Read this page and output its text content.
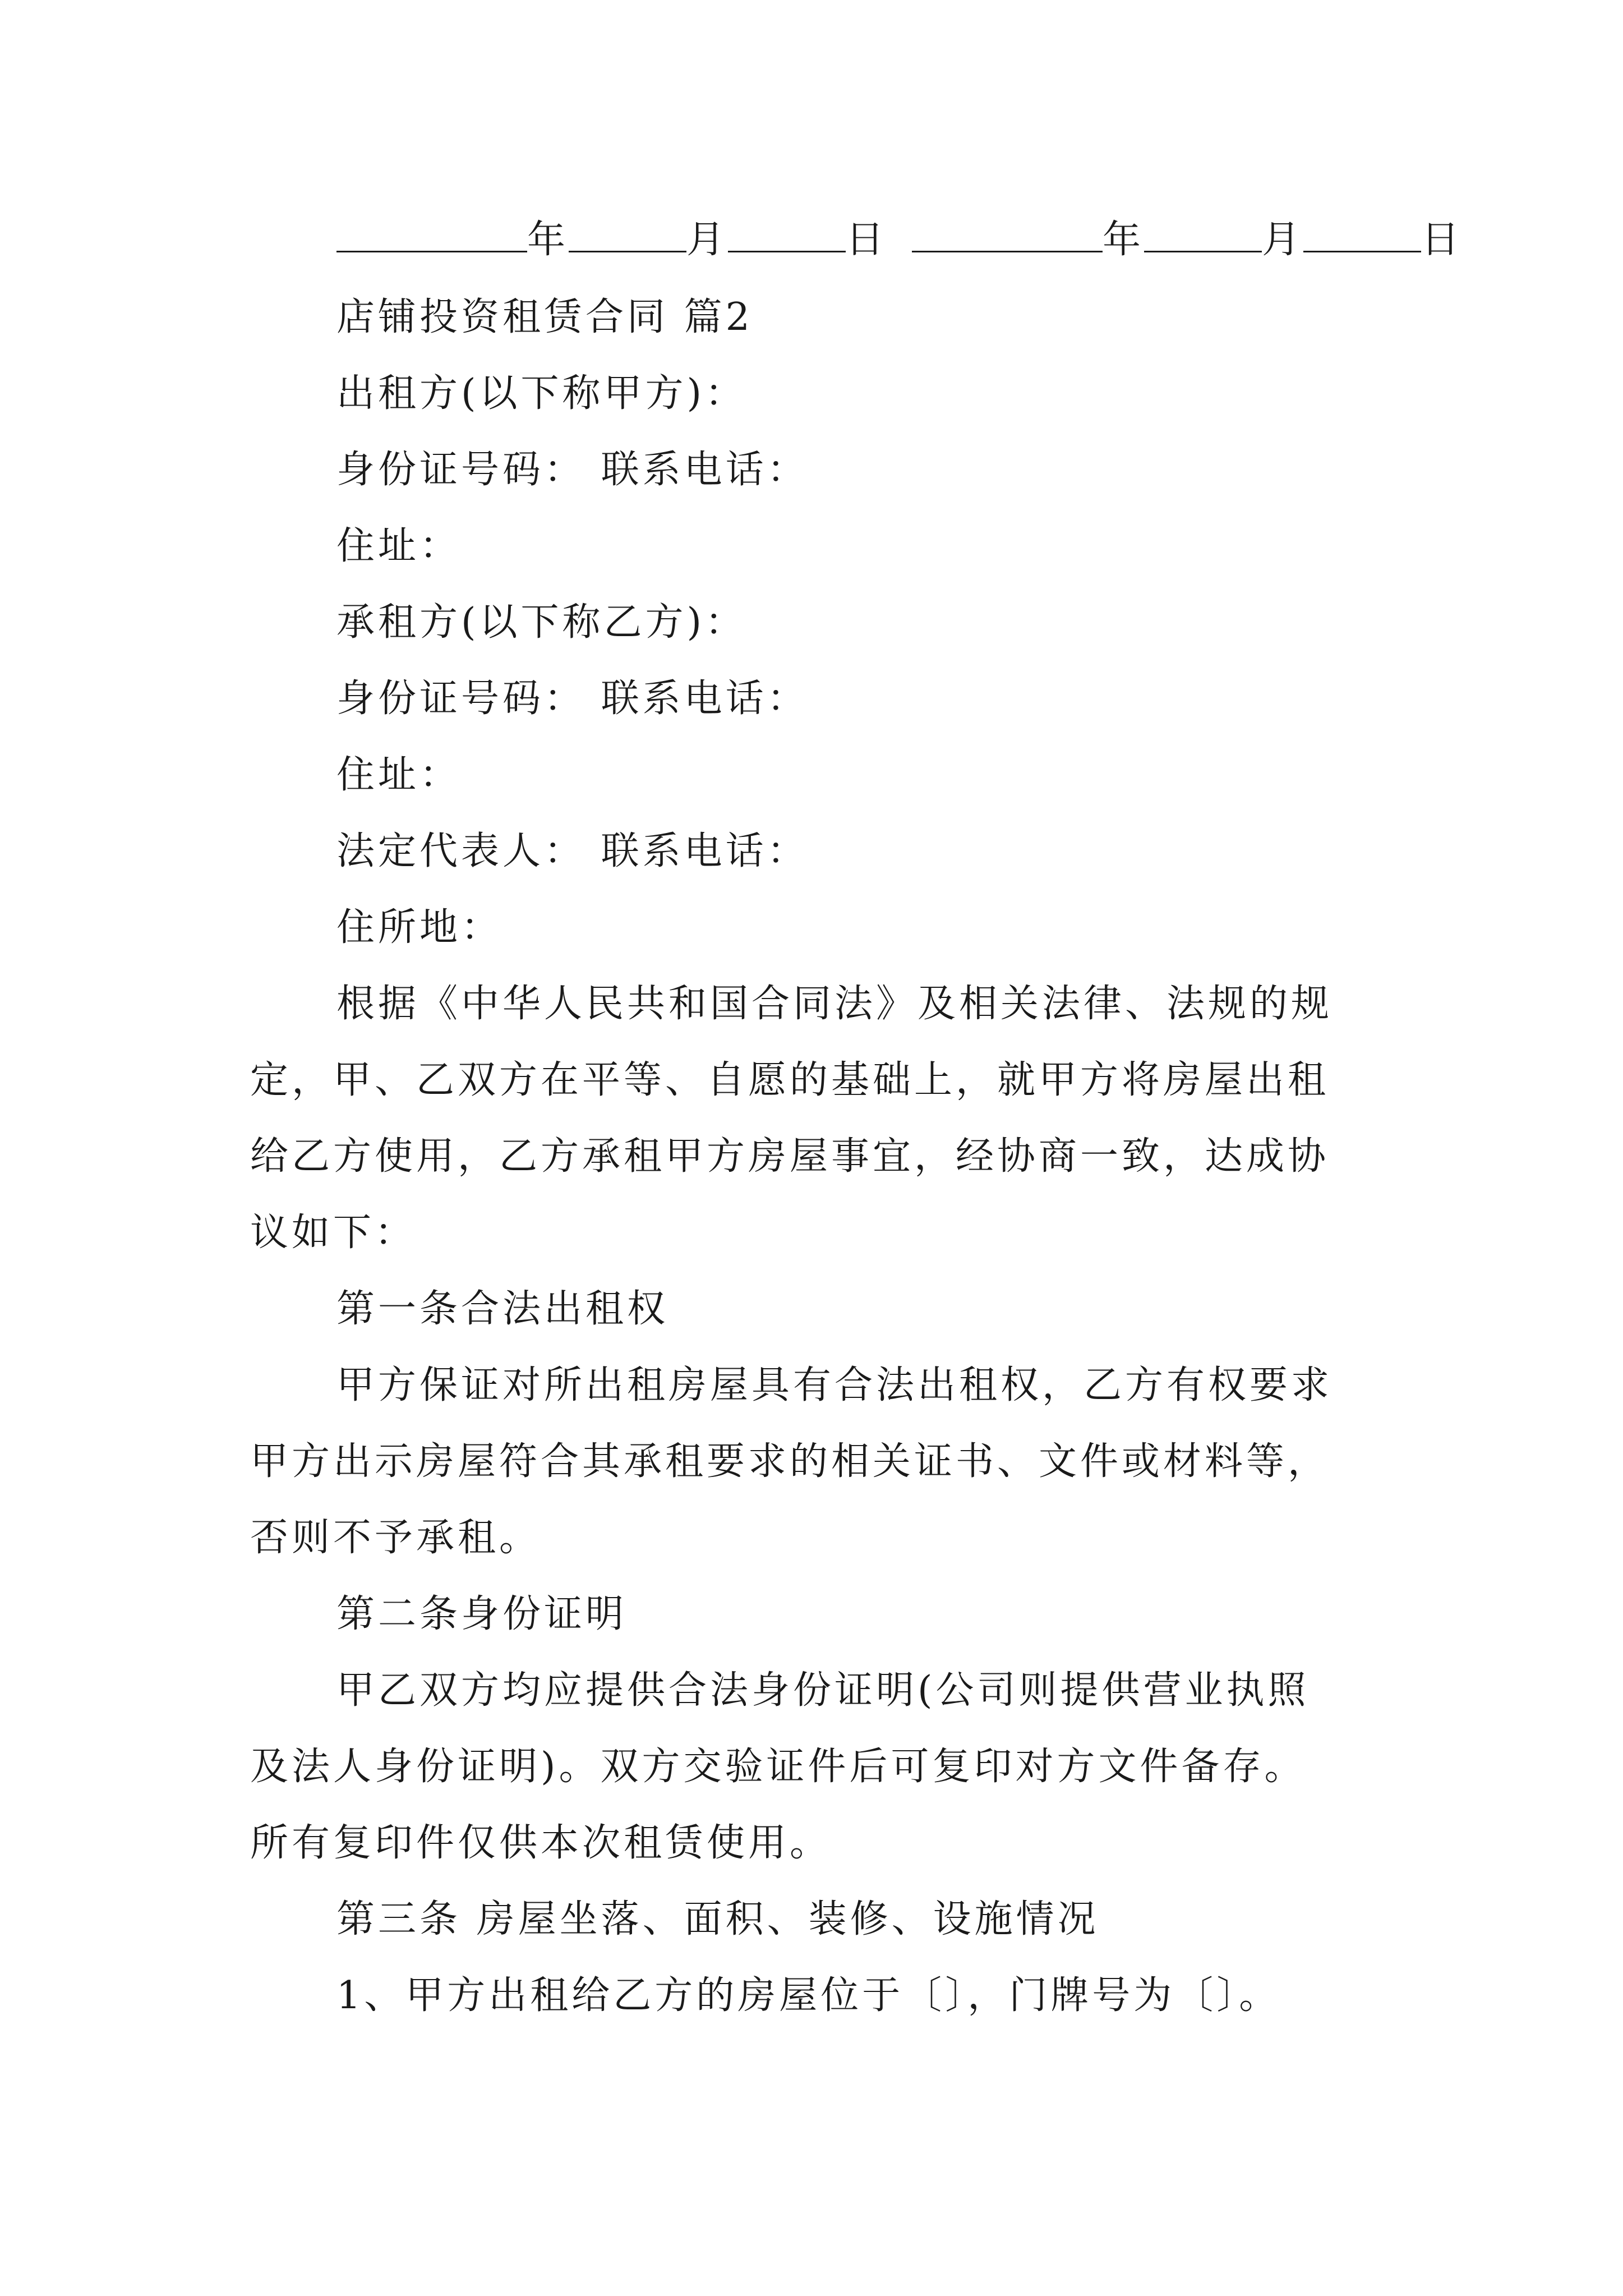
年	月	日	年	月	日
店铺投资租赁合同 篇2
出租方(以下称甲方)：
身份证号码： 联系电话：
住址：
承租方(以下称乙方)：
身份证号码： 联系电话：
住址：
法定代表人： 联系电话：
住所地：
根据《中华人民共和国合同法》及相关法律、法规的规
定，甲、乙双方在平等、自愿的基础上，就甲方将房屋出租
给乙方使用，乙方承租甲方房屋事宜，经协商一致，达成协
议如下：
第一条合法出租权
甲方保证对所出租房屋具有合法出租权，乙方有权要求
甲方出示房屋符合其承租要求的相关证书、文件或材料等，
否则不予承租。
第二条身份证明
甲乙双方均应提供合法身份证明(公司则提供营业执照
及法人身份证明)。双方交验证件后可复印对方文件备存。
所有复印件仅供本次租赁使用。
第三条 房屋坐落、面积、装修、设施情况
1、甲方出租给乙方的房屋位于〔〕，门牌号为〔〕。
